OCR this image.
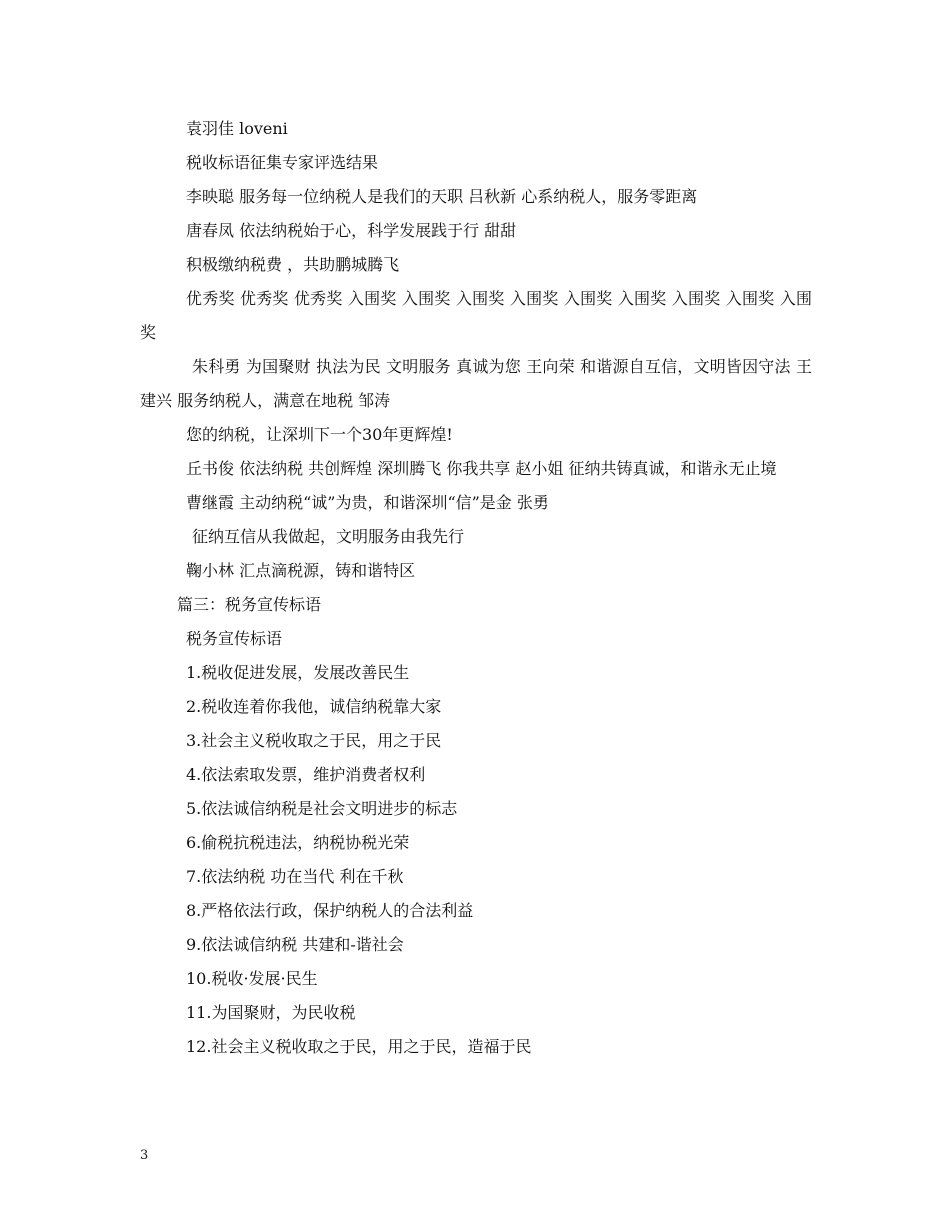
袁羽佳 loveni

税收标语征集专家评选结果

李映聪 服务每一位纳税人是我们的天职 吕秋新 心系纳税人，服务零距离

唐春凤 依法纳税始于心，科学发展践于行 甜甜

积极缴纳税费 ，共助鹏城腾飞

优秀奖 优秀奖 优秀奖 入围奖 入围奖 入围奖 入围奖 入围奖 入围奖 入围奖 入围奖 入围奖

朱科勇 为国聚财 执法为民 文明服务 真诚为您 王向荣 和谐源自互信，文明皆因守法 王建兴 服务纳税人，满意在地税 邹涛

您的纳税，让深圳下一个30年更辉煌!

丘书俊 依法纳税 共创辉煌 深圳腾飞 你我共享 赵小姐 征纳共铸真诚，和谐永无止境

曹继霞 主动纳税“诚”为贵，和谐深圳“信”是金 张勇

征纳互信从我做起，文明服务由我先行

鞠小林 汇点滴税源，铸和谐特区

篇三：税务宣传标语

税务宣传标语

1.税收促进发展，发展改善民生

2.税收连着你我他，诚信纳税靠大家

3.社会主义税收取之于民，用之于民

4.依法索取发票，维护消费者权利

5.依法诚信纳税是社会文明进步的标志

6.偷税抗税违法，纳税协税光荣

7.依法纳税 功在当代 利在千秋

8.严格依法行政，保护纳税人的合法利益

9.依法诚信纳税 共建和-谐社会

10.税收·发展·民生

11.为国聚财，为民收税

12.社会主义税收取之于民，用之于民，造福于民

3
